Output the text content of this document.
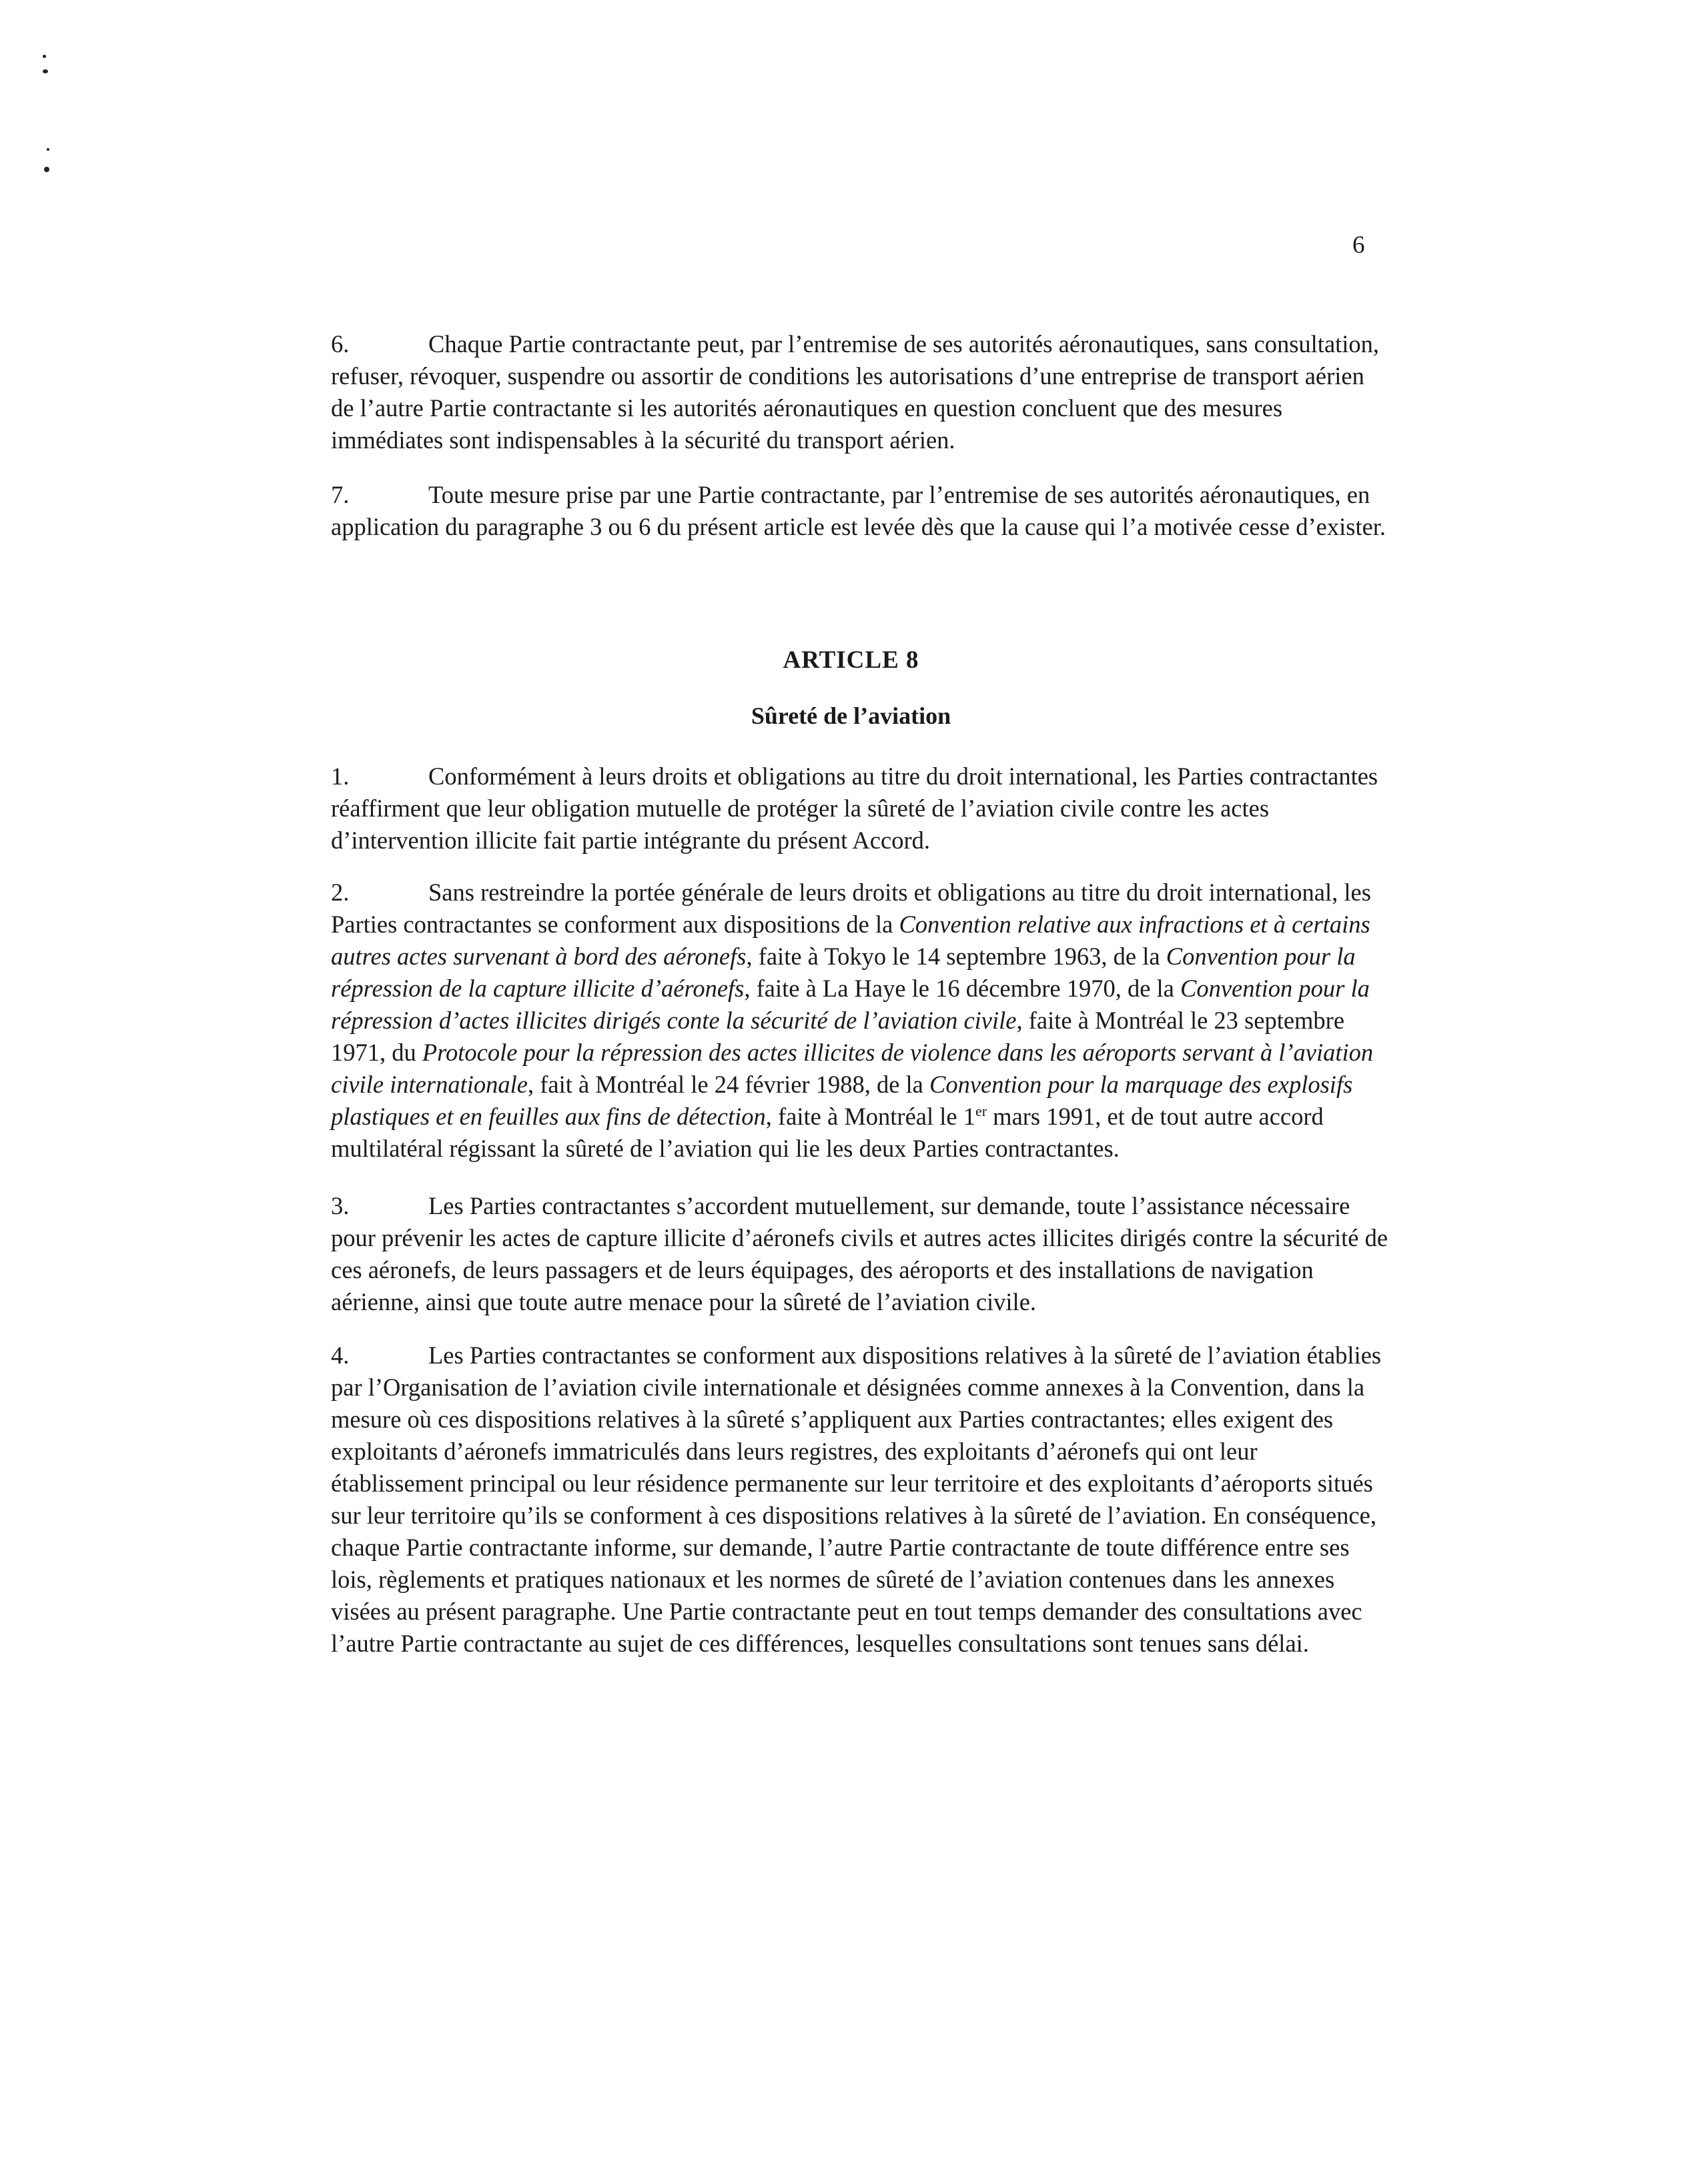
6

6.	Chaque Partie contractante peut, par l’entremise de ses autorités aéronautiques, sans consultation, refuser, révoquer, suspendre ou assortir de conditions les autorisations d’une entreprise de transport aérien de l’autre Partie contractante si les autorités aéronautiques en question concluent que des mesures immédiates sont indispensables à la sécurité du transport aérien.

7.	Toute mesure prise par une Partie contractante, par l’entremise de ses autorités aéronautiques, en application du paragraphe 3 ou 6 du présent article est levée dès que la cause qui l’a motivée cesse d’exister.

ARTICLE 8
Sûreté de l’aviation

1.	Conformément à leurs droits et obligations au titre du droit international, les Parties contractantes réaffirment que leur obligation mutuelle de protéger la sûreté de l’aviation civile contre les actes d’intervention illicite fait partie intégrante du présent Accord.

2.	Sans restreindre la portée générale de leurs droits et obligations au titre du droit international, les Parties contractantes se conforment aux dispositions de la Convention relative aux infractions et à certains autres actes survenant à bord des aéronefs, faite à Tokyo le 14 septembre 1963, de la Convention pour la répression de la capture illicite d’aéronefs, faite à La Haye le 16 décembre 1970, de la Convention pour la répression d’actes illicites dirigés conte la sécurité de l’aviation civile, faite à Montréal le 23 septembre 1971, du Protocole pour la répression des actes illicites de violence dans les aéroports servant à l’aviation civile internationale, fait à Montréal le 24 février 1988, de la Convention pour la marquage des explosifs plastiques et en feuilles aux fins de détection, faite à Montréal le 1er mars 1991, et de tout autre accord multilatéral régissant la sûreté de l’aviation qui lie les deux Parties contractantes.

3.	Les Parties contractantes s’accordent mutuellement, sur demande, toute l’assistance nécessaire pour prévenir les actes de capture illicite d’aéronefs civils et autres actes illicites dirigés contre la sécurité de ces aéronefs, de leurs passagers et de leurs équipages, des aéroports et des installations de navigation aérienne, ainsi que toute autre menace pour la sûreté de l’aviation civile.

4.	Les Parties contractantes se conforment aux dispositions relatives à la sûreté de l’aviation établies par l’Organisation de l’aviation civile internationale et désignées comme annexes à la Convention, dans la mesure où ces dispositions relatives à la sûreté s’appliquent aux Parties contractantes; elles exigent des exploitants d’aéronefs immatriculés dans leurs registres, des exploitants d’aéronefs qui ont leur établissement principal ou leur résidence permanente sur leur territoire et des exploitants d’aéroports situés sur leur territoire qu’ils se conforment à ces dispositions relatives à la sûreté de l’aviation. En conséquence, chaque Partie contractante informe, sur demande, l’autre Partie contractante de toute différence entre ses lois, règlements et pratiques nationaux et les normes de sûreté de l’aviation contenues dans les annexes visées au présent paragraphe. Une Partie contractante peut en tout temps demander des consultations avec l’autre Partie contractante au sujet de ces différences, lesquelles consultations sont tenues sans délai.
